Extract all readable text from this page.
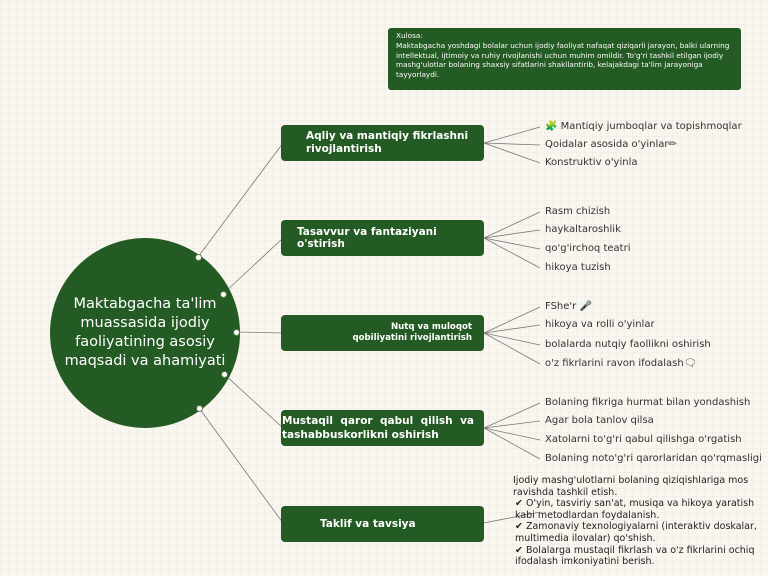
Xulosa:
Maktabgacha yoshdagi bolalar uchun ijodiy faoliyat nafaqat qiziqarli jarayon, balki ularning intellektual, ijtimoiy va ruhiy rivojlanishi uchun muhim omildir. To'g'ri tashkil etilgan ijodiy mashg'ulotlar bolaning shaxsiy sifatlarini shakllantirib, kelajakdagi ta'lim jarayoniga tayyorlaydi.
Maktabgacha ta'lim muassasida ijodiy faoliyatining asosiy maqsadi va ahamiyati
Aqliy va mantiqiy fikrlashni rivojlantirish
Tasavvur va fantaziyani o'stirish
Nutq va muloqot qobiliyatini rivojlantirish
Mustaqil qaror qabul qilish va tashabbuskorlikni oshirish
Taklif va tavsiya
🧩 Mantiqiy jumboqlar va topishmoqlar
Qoidalar asosida o'yinlar✏
Konstruktiv o'yinla
Rasm chizish
haykaltaroshlik
qo'g'irchoq teatri
hikoya tuzish
FShe'r 🎤
hikoya va rolli o'yinlar
bolalarda nutqiy faollikni oshirish
o'z fikrlarini ravon ifodalash🗨
Bolaning fikriga hurmat bilan yondashish
Agar bola tanlov qilsa
Xatolarni to'g'ri qabul qilishga o'rgatish
Bolaning noto'g'ri qarorlaridan qo'rqmasligi
Ijodiy mashg'ulotlarni bolaning qiziqishlariga mos ravishda tashkil etish.
✔ O'yin, tasviriy san'at, musiqa va hikoya yaratish kabi metodlardan foydalanish.
✔ Zamonaviy texnologiyalarni (interaktiv doskalar, multimedia ilovalar) qo'shish.
✔ Bolalarga mustaqil fikrlash va o'z fikrlarini ochiq ifodalash imkoniyatini berish.
